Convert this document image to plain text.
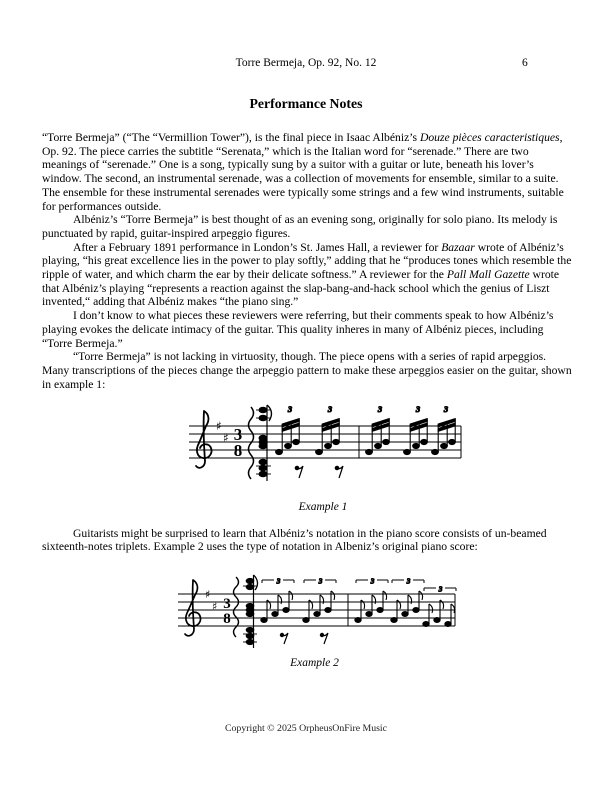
Torre Bermeja, Op. 92, No. 12	6
Performance Notes

“Torre Bermeja” (“The “Vermillion Tower”), is the final piece in Isaac Albéniz’s Douze pièces caracteristiques, Op. 92. The piece carries the subtitle “Serenata,” which is the Italian word for “serenade.” There are two meanings of “serenade.” One is a song, typically sung by a suitor with a guitar or lute, beneath his lover’s window. The second, an instrumental serenade, was a collection of movements for ensemble, similar to a suite. The ensemble for these instrumental serenades were typically some strings and a few wind instruments, suitable for performances outside.

Albéniz’s “Torre Bermeja” is best thought of as an evening song, originally for solo piano. Its melody is punctuated by rapid, guitar-inspired arpeggio figures.

After a February 1891 performance in London’s St. James Hall, a reviewer for Bazaar wrote of Albéniz’s playing, “his great excellence lies in the power to play softly,” adding that he “produces tones which resemble the ripple of water, and which charm the ear by their delicate softness.” A reviewer for the Pall Mall Gazette wrote that Albéniz’s playing “represents a reaction against the slap-bang-and-hack school which the genius of Liszt invented,“ adding that Albéniz makes “the piano sing.”

I don’t know to what pieces these reviewers were referring, but their comments speak to how Albéniz’s playing evokes the delicate intimacy of the guitar. This quality inheres in many of Albéniz pieces, including “Torre Bermeja.”

“Torre Bermeja” is not lacking in virtuosity, though. The piece opens with a series of rapid arpeggios. Many transcriptions of the pieces change the arpeggio pattern to make these arpeggios easier on the guitar, shown in example 1:

♯
♯ 3
8
3	3	3	3	3
Example 1

Guitarists might be surprised to learn that Albéniz’s notation in the piano score consists of un-beamed sixteenth-notes triplets. Example 2 uses the type of notation in Albeniz’s original piano score:

♯
♯ 3
8
3	3	3	3
3
Example 2
Copyright © 2025 OrpheusOnFire Music
